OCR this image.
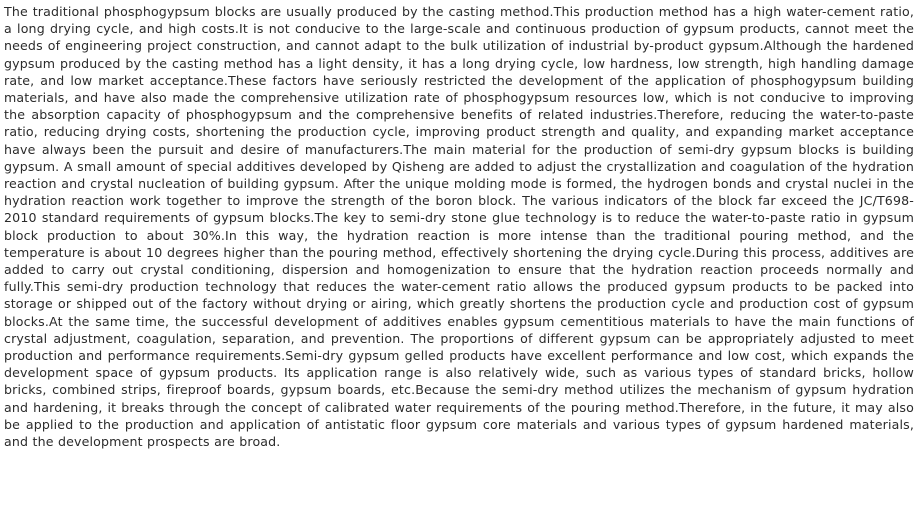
The traditional phosphogypsum blocks are usually produced by the casting method.This production method has a high water-cement ratio, a long drying cycle, and high costs.It is not conducive to the large-scale and continuous production of gypsum products, cannot meet the needs of engineering project construction, and cannot adapt to the bulk utilization of industrial by-product gypsum.Although the hardened gypsum produced by the casting method has a light density, it has a long drying cycle, low hardness, low strength, high handling damage rate, and low market acceptance.These factors have seriously restricted the development of the application of phosphogypsum building materials, and have also made the comprehensive utilization rate of phosphogypsum resources low, which is not conducive to improving the absorption capacity of phosphogypsum and the comprehensive benefits of related industries.Therefore, reducing the water-to-paste ratio, reducing drying costs, shortening the production cycle, improving product strength and quality, and expanding market acceptance have always been the pursuit and desire of manufacturers.The main material for the production of semi-dry gypsum blocks is building gypsum. A small amount of special additives developed by Qisheng are added to adjust the crystallization and coagulation of the hydration reaction and crystal nucleation of building gypsum. After the unique molding mode is formed, the hydrogen bonds and crystal nuclei in the hydration reaction work together to improve the strength of the boron block. The various indicators of the block far exceed the JC/T698-2010 standard requirements of gypsum blocks.The key to semi-dry stone glue technology is to reduce the water-to-paste ratio in gypsum block production to about 30%.In this way, the hydration reaction is more intense than the traditional pouring method, and the temperature is about 10 degrees higher than the pouring method, effectively shortening the drying cycle.During this process, additives are added to carry out crystal conditioning, dispersion and homogenization to ensure that the hydration reaction proceeds normally and fully.This semi-dry production technology that reduces the water-cement ratio allows the produced gypsum products to be packed into storage or shipped out of the factory without drying or airing, which greatly shortens the production cycle and production cost of gypsum blocks.At the same time, the successful development of additives enables gypsum cementitious materials to have the main functions of crystal adjustment, coagulation, separation, and prevention. The proportions of different gypsum can be appropriately adjusted to meet production and performance requirements.Semi-dry gypsum gelled products have excellent performance and low cost, which expands the development space of gypsum products. Its application range is also relatively wide, such as various types of standard bricks, hollow bricks, combined strips, fireproof boards, gypsum boards, etc.Because the semi-dry method utilizes the mechanism of gypsum hydration and hardening, it breaks through the concept of calibrated water requirements of the pouring method.Therefore, in the future, it may also be applied to the production and application of antistatic floor gypsum core materials and various types of gypsum hardened materials, and the development prospects are broad.
